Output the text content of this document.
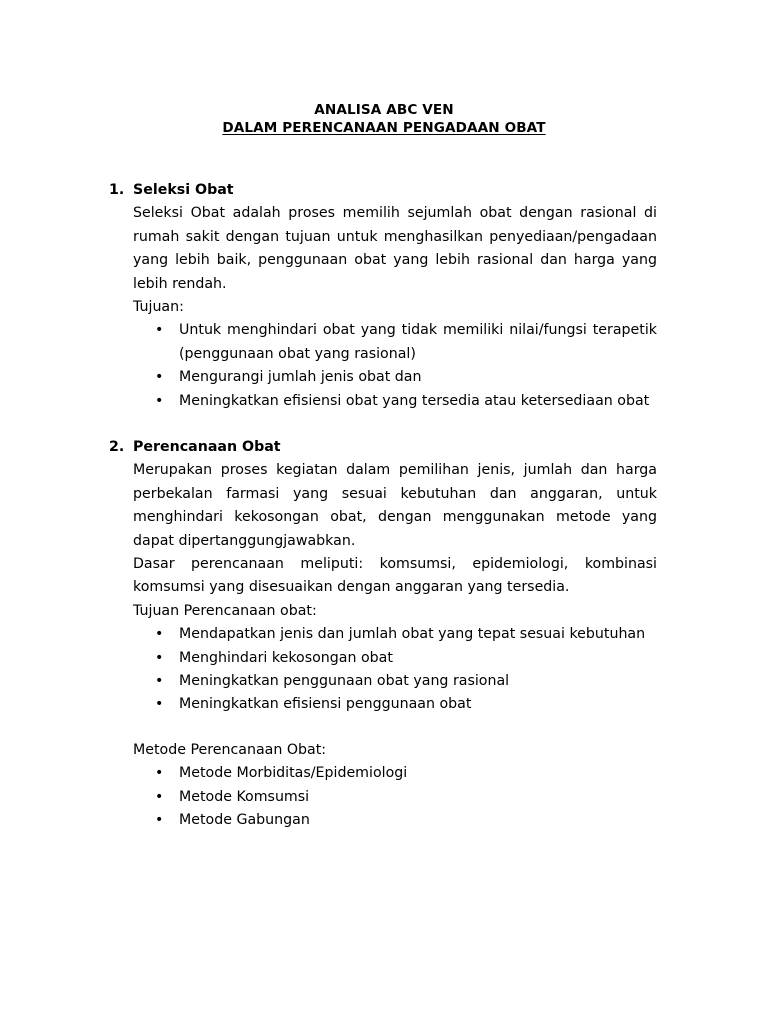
ANALISA ABC VEN
DALAM PERENCANAAN PENGADAAN OBAT
1. Seleksi Obat
Seleksi Obat adalah proses memilih sejumlah obat dengan rasional di rumah sakit dengan tujuan untuk menghasilkan penyediaan/pengadaan yang lebih baik, penggunaan obat yang lebih rasional dan harga yang lebih rendah.
Tujuan:
• Untuk menghindari obat yang tidak memiliki nilai/fungsi terapetik (penggunaan obat yang rasional)
• Mengurangi jumlah jenis obat dan
• Meningkatkan efisiensi obat yang tersedia atau ketersediaan obat
2. Perencanaan Obat
Merupakan proses kegiatan dalam pemilihan jenis, jumlah dan harga perbekalan farmasi yang sesuai kebutuhan dan anggaran, untuk menghindari kekosongan obat, dengan menggunakan metode yang dapat dipertanggungjawabkan.
Dasar perencanaan meliputi: komsumsi, epidemiologi, kombinasi komsumsi yang disesuaikan dengan anggaran yang tersedia.
Tujuan Perencanaan obat:
• Mendapatkan jenis dan jumlah obat yang tepat sesuai kebutuhan
• Menghindari kekosongan obat
• Meningkatkan penggunaan obat yang rasional
• Meningkatkan efisiensi penggunaan obat
Metode Perencanaan Obat:
• Metode Morbiditas/Epidemiologi
• Metode Komsumsi
• Metode Gabungan
